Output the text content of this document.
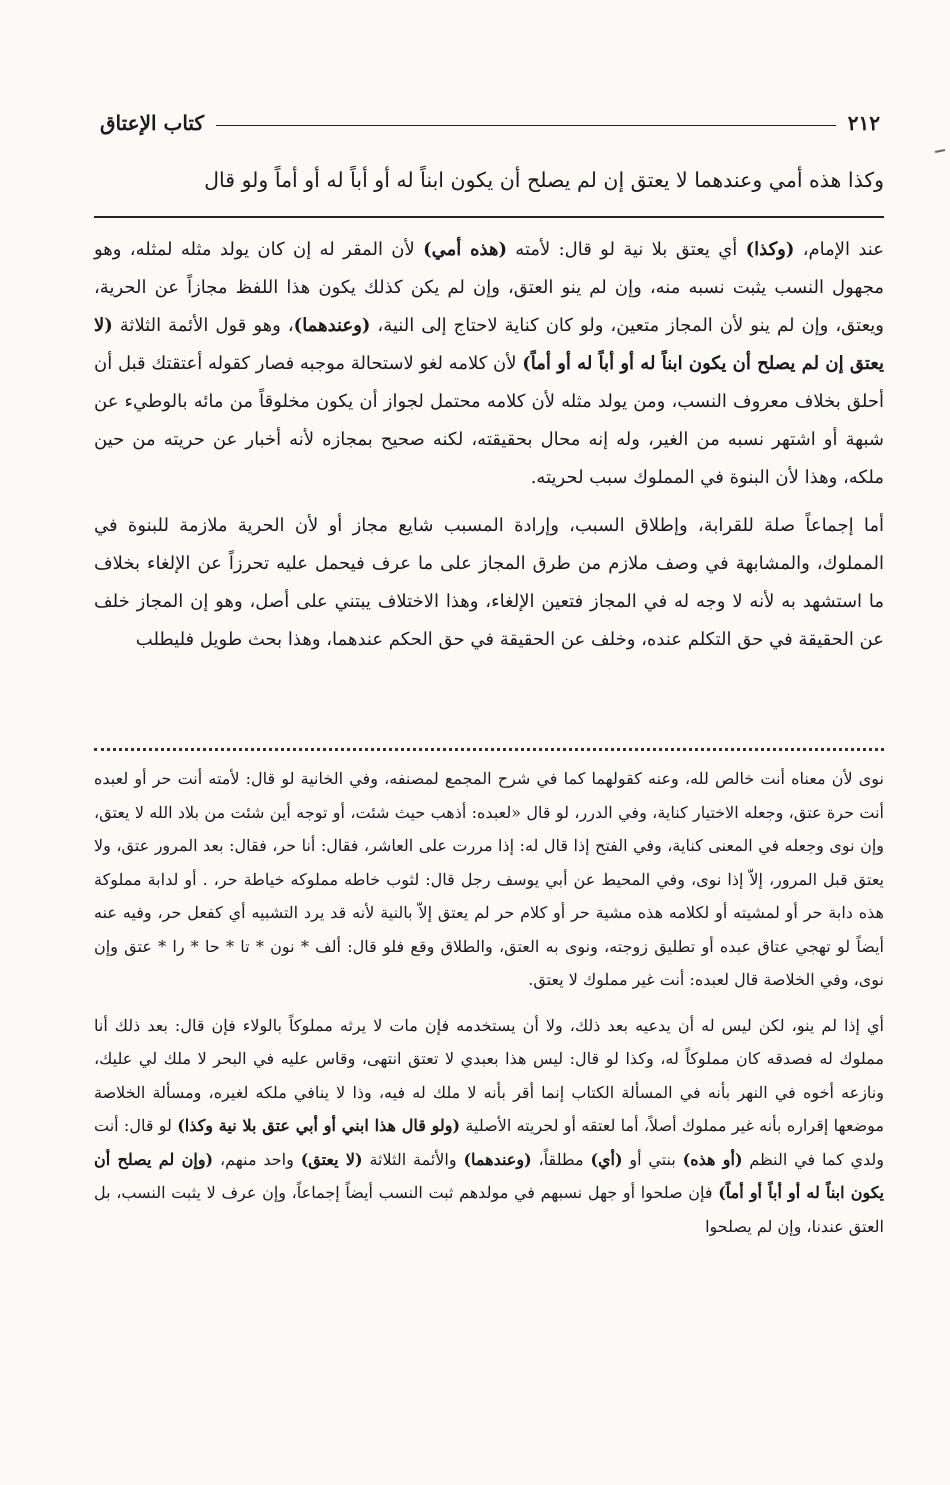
٢١٢
كتاب الإعتاق
وكذا هذه أمي وعندهما لا يعتق إن لم يصلح أن يكون ابناً له أو أباً له أو أماً ولو قال

عند الإمام، (وكذا) أي يعتق بلا نية لو قال: لأمته (هذه أمي) لأن المقر له إن كان يولد مثله لمثله، وهو مجهول النسب يثبت نسبه منه، وإن لم ينو العتق، وإن لم يكن كذلك يكون هذا اللفظ مجازاً عن الحرية، ويعتق، وإن لم ينو لأن المجاز متعين، ولو كان كناية لاحتاج إلى النية، (وعندهما)، وهو قول الأئمة الثلاثة (لا يعتق إن لم يصلح أن يكون ابناً له أو أباً له أو أماً) لأن كلامه لغو لاستحالة موجبه فصار كقوله أعتقتك قبل أن أحلق بخلاف معروف النسب، ومن يولد مثله لأن كلامه محتمل لجواز أن يكون مخلوقاً من مائه بالوطيء عن شبهة أو اشتهر نسبه من الغير، وله إنه محال بحقيقته، لكنه صحيح بمجازه لأنه أخبار عن حريته من حين ملكه، وهذا لأن البنوة في المملوك سبب لحريته.

أما إجماعاً صلة للقرابة، وإطلاق السبب، وإرادة المسبب شايع مجاز أو لأن الحرية ملازمة للبنوة في المملوك، والمشابهة في وصف ملازم من طرق المجاز على ما عرف فيحمل عليه تحرزاً عن الإلغاء بخلاف ما استشهد به لأنه لا وجه له في المجاز فتعين الإلغاء، وهذا الاختلاف يبتني على أصل، وهو إن المجاز خلف عن الحقيقة في حق التكلم عنده، وخلف عن الحقيقة في حق الحكم عندهما، وهذا بحث طويل فليطلب

نوى لأن معناه أنت خالص لله، وعنه كقولهما كما في شرح المجمع لمصنفه، وفي الخانية لو قال: لأمته أنت حر أو لعبده أنت حرة عتق، وجعله الاختيار كناية، وفي الدرر، لو قال «لعبده: أذهب حيث شئت، أو توجه أين شئت من بلاد الله لا يعتق، وإن نوى وجعله في المعنى كناية، وفي الفتح إذا قال له: إذا مررت على العاشر، فقال: أنا حر، فقال: بعد المرور عتق، ولا يعتق قبل المرور، إلاّ إذا نوى، وفي المحيط عن أبي يوسف رجل قال: لثوب خاطه مملوكه خياطة حر، . أو لدابة مملوكة هذه دابة حر أو لمشيته أو لكلامه هذه مشية حر أو كلام حر لم يعتق إلاّ بالنية لأنه قد يرد التشبيه أي كفعل حر، وفيه عنه أيضاً لو تهجي عتاق عبده أو تطليق زوجته، ونوى به العتق، والطلاق وقع فلو قال: ألف * نون * تا * حا * را * عتق وإن نوى، وفي الخلاصة قال لعبده: أنت غير مملوك لا يعتق.

أي إذا لم ينو، لكن ليس له أن يدعيه بعد ذلك، ولا أن يستخدمه فإن مات لا يرثه مملوكاً بالولاء فإن قال: بعد ذلك أنا مملوك له فصدقه كان مملوكاً له، وكذا لو قال: ليس هذا بعبدي لا تعتق انتهى، وقاس عليه في البحر لا ملك لي عليك، ونازعه أخوه في النهر بأنه في المسألة الكتاب إنما أقر بأنه لا ملك له فيه، وذا لا ينافي ملكه لغيره، ومسألة الخلاصة موضعها إقراره بأنه غير مملوك أصلاً، أما لعتقه أو لحريته الأصلية (ولو قال هذا ابني أو أبي عتق بلا نية وكذا) لو قال: أنت ولدي كما في النظم (أو هذه) بنتي أو (أي) مطلقاً، (وعندهما) والأئمة الثلاثة (لا يعتق) واحد منهم، (وإن لم يصلح أن يكون ابناً له أو أباً أو أماً) فإن صلحوا أو جهل نسبهم في مولدهم ثبت النسب أيضاً إجماعاً، وإن عرف لا يثبت النسب، بل العتق عندنا، وإن لم يصلحوا
